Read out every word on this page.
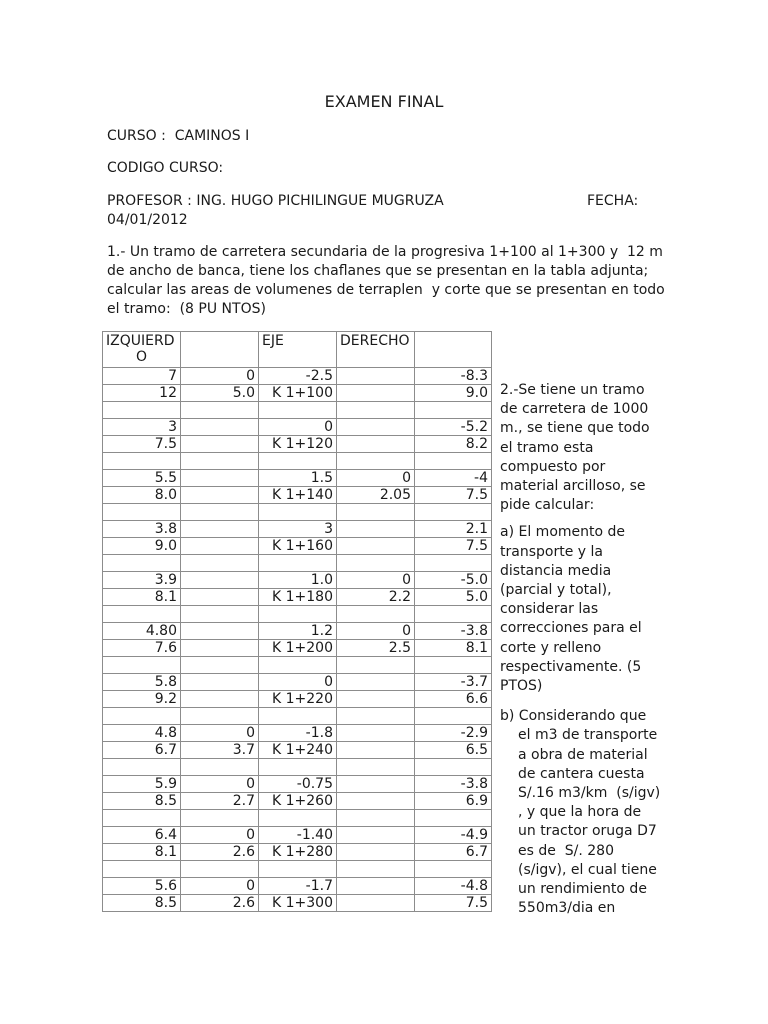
EXAMEN FINAL
CURSO :  CAMINOS I
CODIGO CURSO:
PROFESOR : ING. HUGO PICHILINGUE MUGRUZA	FECHA:
04/01/2012

1.- Un tramo de carretera secundaria de la progresiva 1+100 al 1+300 y  12 m

de ancho de banca, tiene los chaflanes que se presentan en la tabla adjunta;

calcular las areas de volumenes de terraplen  y corte que se presentan en todo

el tramo:  (8 PU NTOS)

IZQUIERD
O		EJE	DERECHO	
7	0	-2.5		-8.3
12	5.0	K 1+100		9.0

3		0		-5.2
7.5		K 1+120		8.2

5.5		1.5	0	-4
8.0		K 1+140	2.05	7.5

3.8		3		2.1
9.0		K 1+160		7.5

3.9		1.0	0	-5.0
8.1		K 1+180	2.2	5.0

4.80		1.2	0	-3.8
7.6		K 1+200	2.5	8.1

5.8		0		-3.7
9.2		K 1+220		6.6

4.8	0	-1.8		-2.9
6.7	3.7	K 1+240		6.5

5.9	0	-0.75		-3.8
8.5	2.7	K 1+260		6.9

6.4	0	-1.40		-4.9
8.1	2.6	K 1+280		6.7

5.6	0	-1.7		-4.8
8.5	2.6	K 1+300		7.5

2.-Se tiene un tramo

de carretera de 1000

m., se tiene que todo

el tramo esta

compuesto por

material arcilloso, se

pide calcular:

a) El momento de

transporte y la

distancia media

(parcial y total),

considerar las

correcciones para el

corte y relleno

respectivamente. (5

PTOS)

b) Considerando que

el m3 de transporte

a obra de material

de cantera cuesta

S/.16 m3/km  (s/igv)

, y que la hora de

un tractor oruga D7

es de  S/. 280

(s/igv), el cual tiene

un rendimiento de

550m3/dia en
